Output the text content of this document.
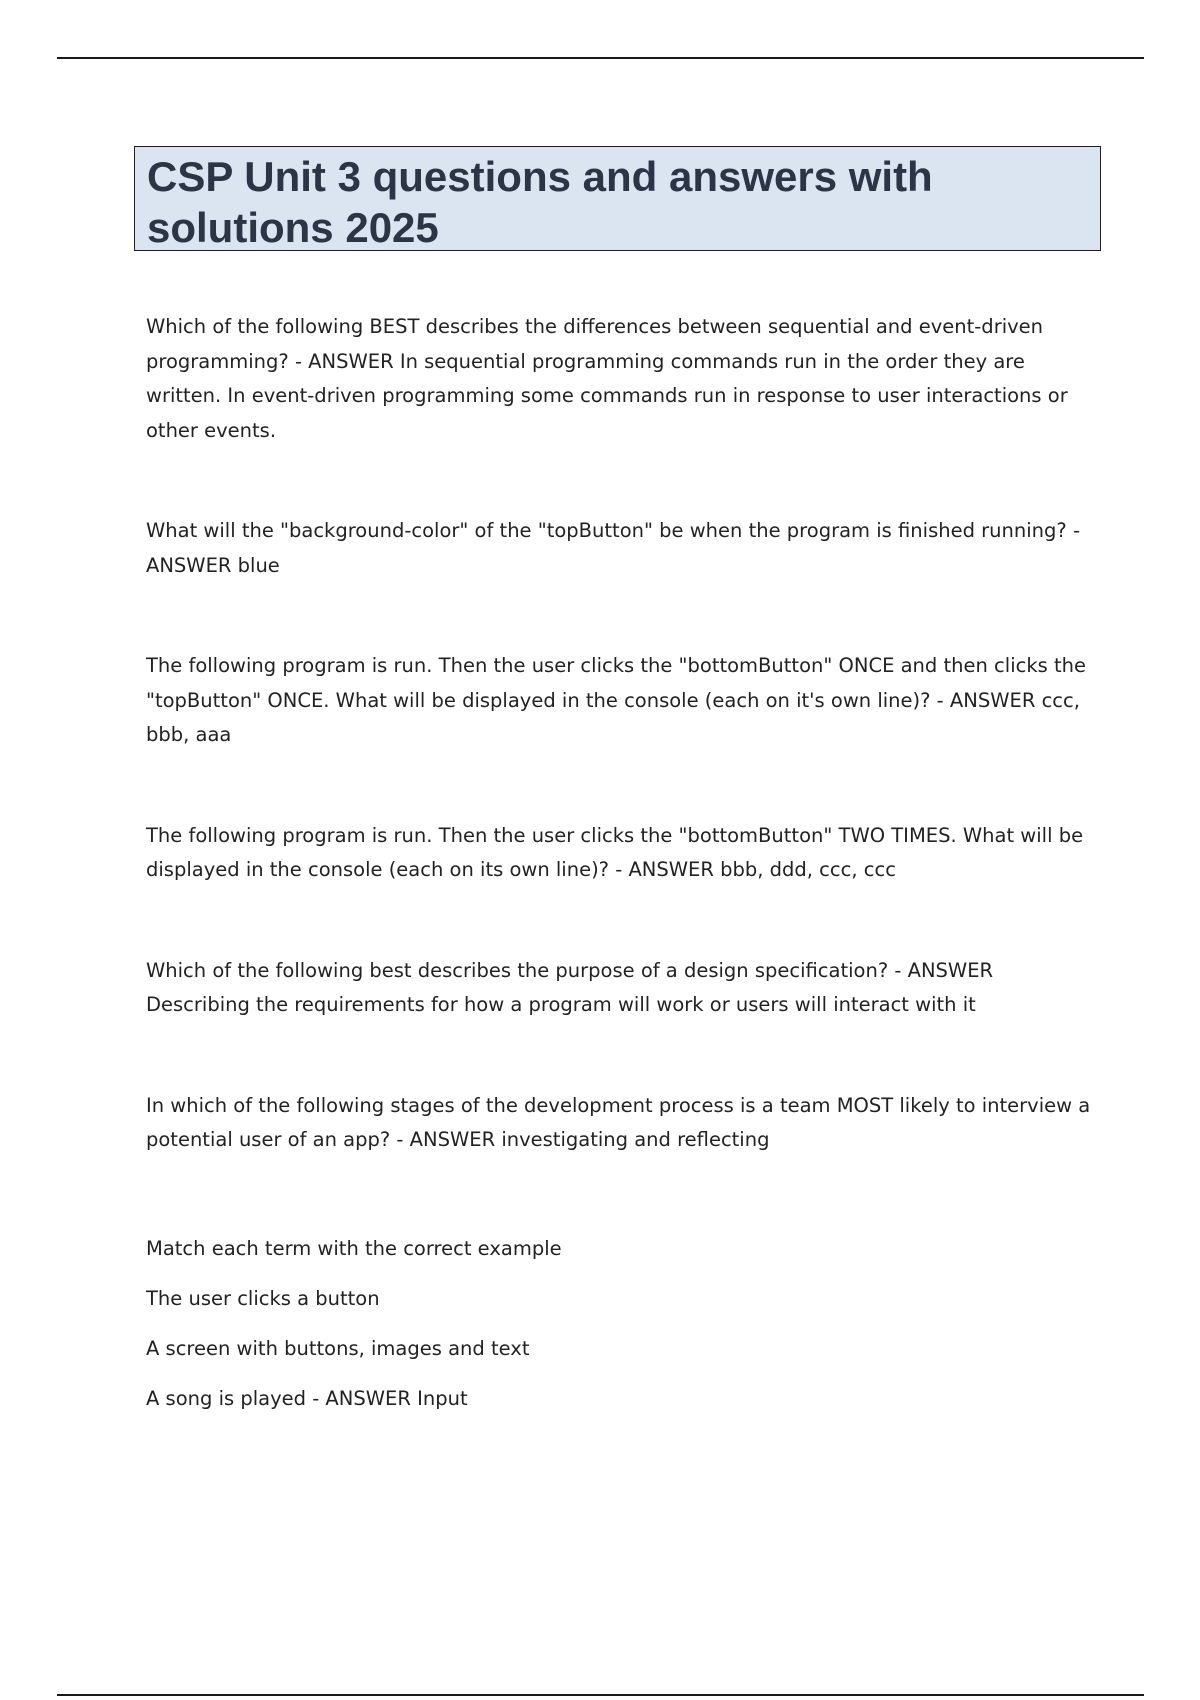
CSP Unit 3 questions and answers with solutions 2025

Which of the following BEST describes the differences between sequential and event-driven programming? - ANSWER In sequential programming commands run in the order they are written. In event-driven programming some commands run in response to user interactions or other events.

What will the "background-color" of the "topButton" be when the program is finished running? - ANSWER blue

The following program is run. Then the user clicks the "bottomButton" ONCE and then clicks the "topButton" ONCE. What will be displayed in the console (each on it's own line)? - ANSWER ccc, bbb, aaa

The following program is run. Then the user clicks the "bottomButton" TWO TIMES. What will be displayed in the console (each on its own line)? - ANSWER bbb, ddd, ccc, ccc

Which of the following best describes the purpose of a design specification? - ANSWER Describing the requirements for how a program will work or users will interact with it

In which of the following stages of the development process is a team MOST likely to interview a potential user of an app? - ANSWER investigating and reflecting

Match each term with the correct example

The user clicks a button

A screen with buttons, images and text

A song is played - ANSWER Input
